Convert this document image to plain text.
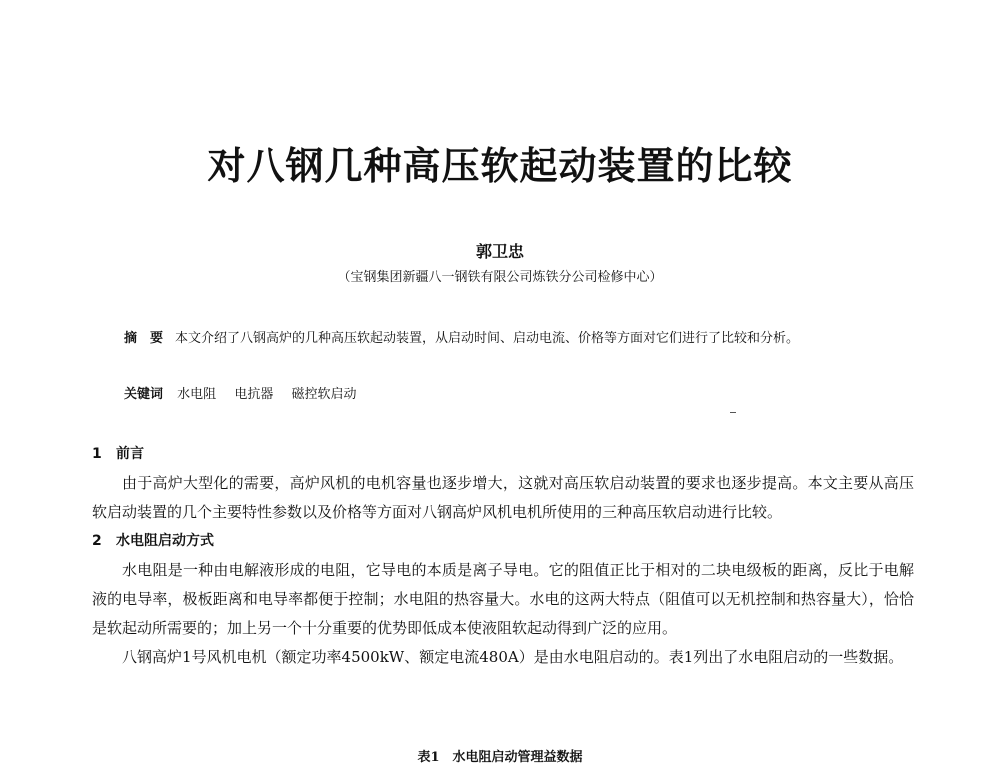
对八钢几种高压软起动装置的比较
郭卫忠
（宝钢集团新疆八一钢铁有限公司炼铁分公司检修中心）
摘　要 本文介绍了八钢高炉的几种高压软起动装置，从启动时间、启动电流、价格等方面对它们进行了比较和分析。
关键词 水电阻 电抗器 磁控软启动
1 前言
由于高炉大型化的需要，高炉风机的电机容量也逐步增大，这就对高压软启动装置的要求也逐步提高。本文主要从高压软启动装置的几个主要特性参数以及价格等方面对八钢高炉风机电机所使用的三种高压软启动进行比较。
2 水电阻启动方式
水电阻是一种由电解液形成的电阻，它导电的本质是离子导电。它的阻值正比于相对的二块电级板的距离，反比于电解液的电导率，极板距离和电导率都便于控制；水电阻的热容量大。水电的这两大特点（阻值可以无机控制和热容量大），恰恰是软起动所需要的；加上另一个十分重要的优势即低成本使液阻软起动得到广泛的应用。
八钢高炉1号风机电机（额定功率4500kW、额定电流480A）是由水电阻启动的。表1列出了水电阻启动的一些数据。
表1　水电阻启动管理益数据
